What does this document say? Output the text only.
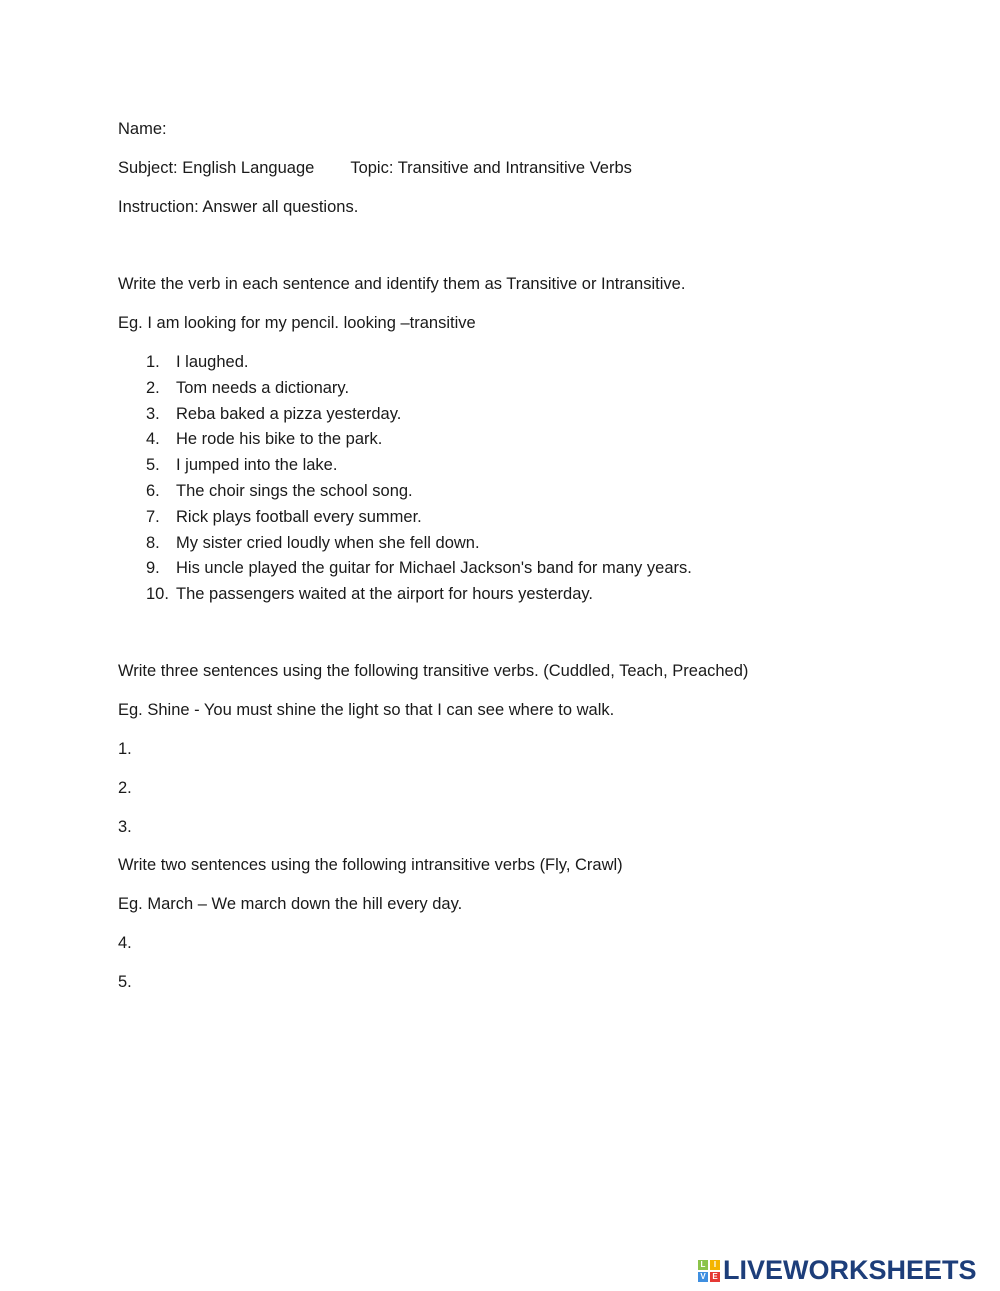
Name:
Subject: English Language Topic: Transitive and Intransitive Verbs
Instruction: Answer all questions.
Write the verb in each sentence and identify them as Transitive or Intransitive.
Eg. I am looking for my pencil. looking –transitive
1. I laughed.
2. Tom needs a dictionary.
3. Reba baked a pizza yesterday.
4. He rode his bike to the park.
5. I jumped into the lake.
6. The choir sings the school song.
7. Rick plays football every summer.
8. My sister cried loudly when she fell down.
9. His uncle played the guitar for Michael Jackson's band for many years.
10. The passengers waited at the airport for hours yesterday.
Write three sentences using the following transitive verbs. (Cuddled, Teach, Preached)
Eg. Shine - You must shine the light so that I can see where to walk.
1.
2.
3.
Write two sentences using the following intransitive verbs (Fly, Crawl)
Eg. March – We march down the hill every day.
4.
5.
L	I
V E LIVEWORKSHEETS
